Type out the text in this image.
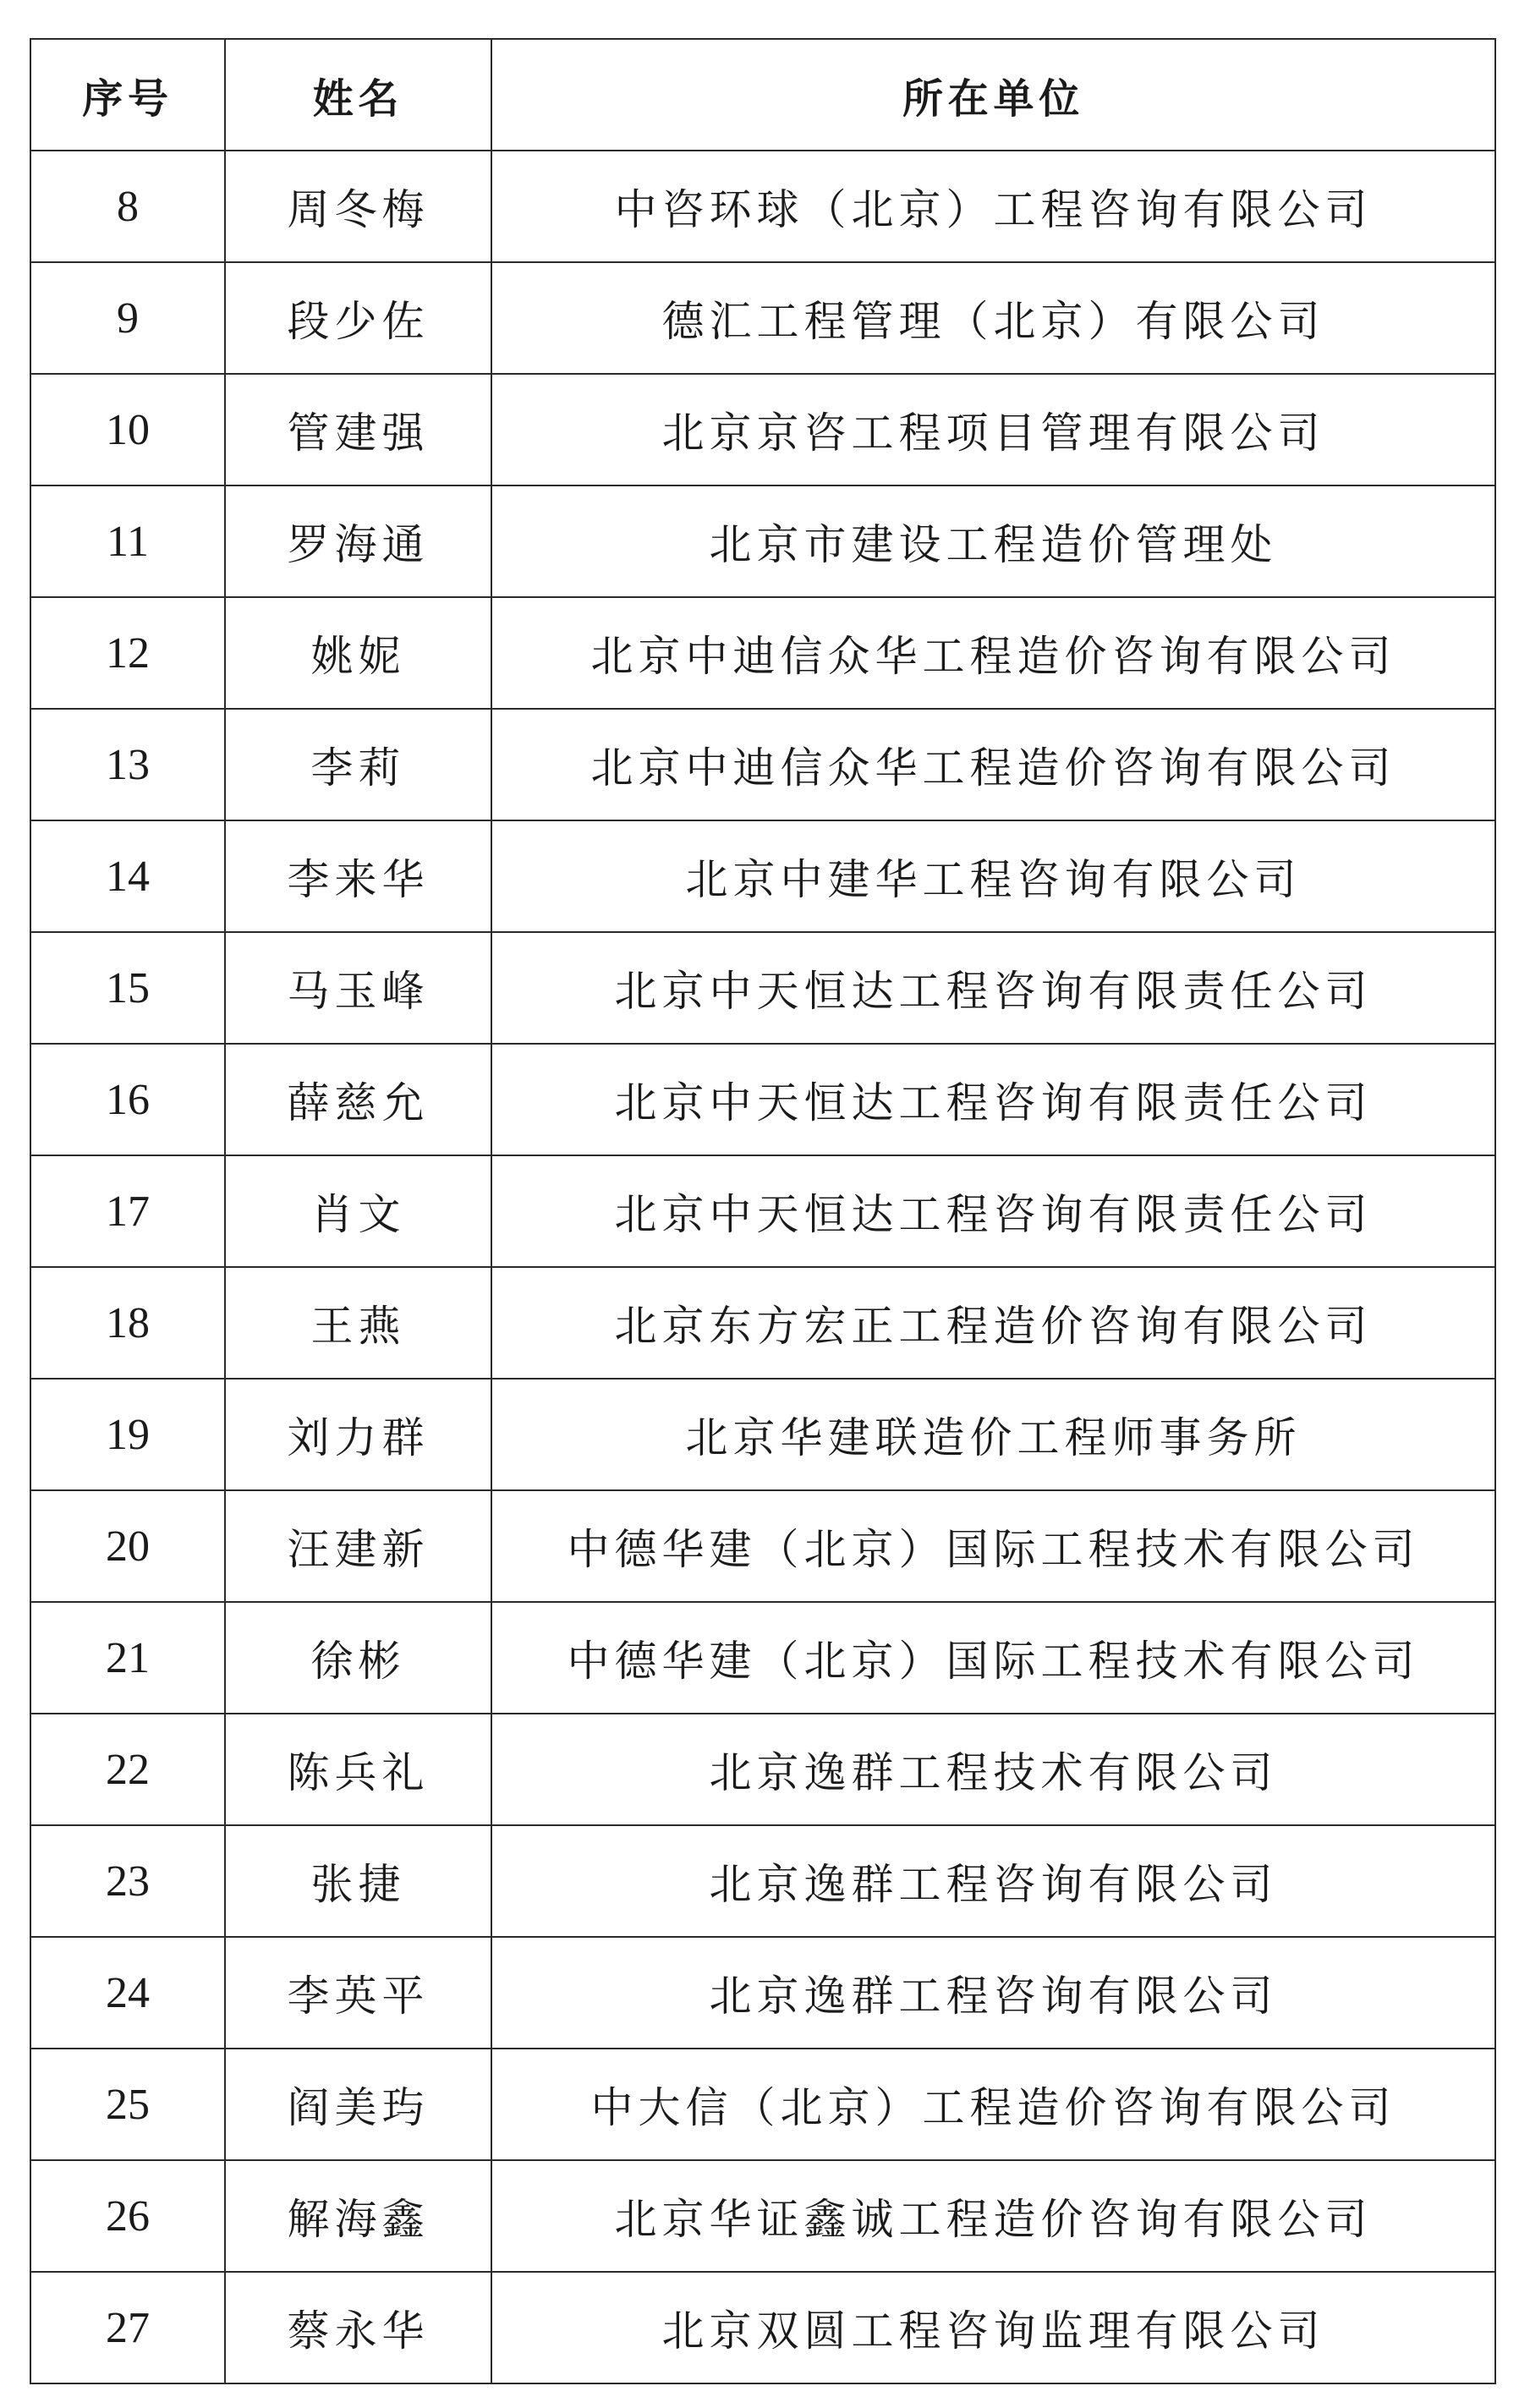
序号	姓名	所在单位
8	周冬梅	中咨环球（北京）工程咨询有限公司
9	段少佐	德汇工程管理（北京）有限公司
10	管建强	北京京咨工程项目管理有限公司
11	罗海通	北京市建设工程造价管理处
12	姚妮	北京中迪信众华工程造价咨询有限公司
13	李莉	北京中迪信众华工程造价咨询有限公司
14	李来华	北京中建华工程咨询有限公司
15	马玉峰	北京中天恒达工程咨询有限责任公司
16	薛慈允	北京中天恒达工程咨询有限责任公司
17	肖文	北京中天恒达工程咨询有限责任公司
18	王燕	北京东方宏正工程造价咨询有限公司
19	刘力群	北京华建联造价工程师事务所
20	汪建新	中德华建（北京）国际工程技术有限公司
21	徐彬	中德华建（北京）国际工程技术有限公司
22	陈兵礼	北京逸群工程技术有限公司
23	张捷	北京逸群工程咨询有限公司
24	李英平	北京逸群工程咨询有限公司
25	阎美玙	中大信（北京）工程造价咨询有限公司
26	解海鑫	北京华证鑫诚工程造价咨询有限公司
27	蔡永华	北京双圆工程咨询监理有限公司
